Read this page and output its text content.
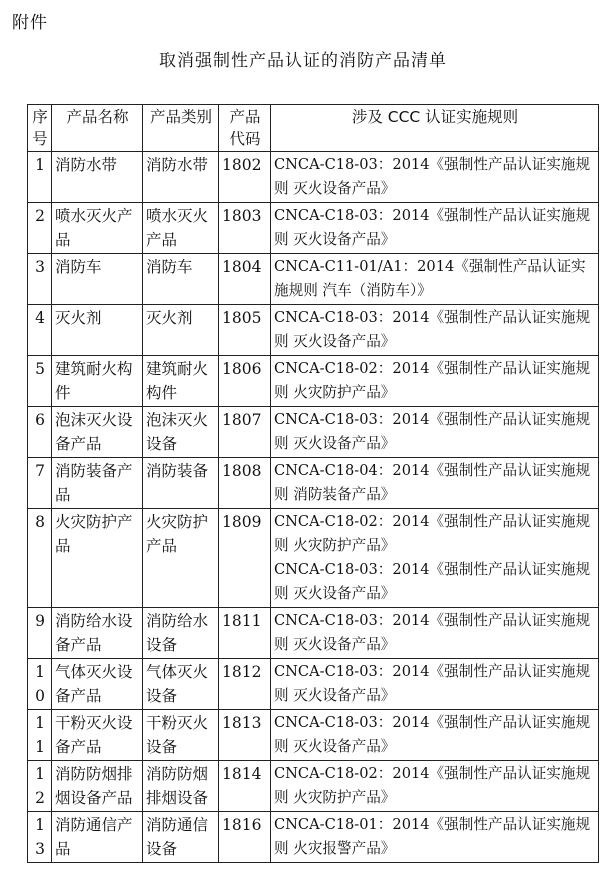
附件
取消强制性产品认证的消防产品清单
序号	产品名称	产品类别	产品代码	涉及 CCC 认证实施规则
1	消防水带	消防水带	1802	CNCA-C18-03：2014《强制性产品认证实施规则 灭火设备产品》

2	喷水灭火产品	喷水灭火产品	1803	CNCA-C18-03：2014《强制性产品认证实施规则 灭火设备产品》

3	消防车	消防车	1804	CNCA-C11-01/A1：2014《强制性产品认证实施规则 汽车（消防车）》

4	灭火剂	灭火剂	1805	CNCA-C18-03：2014《强制性产品认证实施规则 灭火设备产品》

5	建筑耐火构件	建筑耐火构件	1806	CNCA-C18-02：2014《强制性产品认证实施规则 火灾防护产品》

6	泡沫灭火设备产品	泡沫灭火设备	1807	CNCA-C18-03：2014《强制性产品认证实施规则 灭火设备产品》

7	消防装备产品	消防装备	1808	CNCA-C18-04：2014《强制性产品认证实施规则 消防装备产品》

8	火灾防护产品	火灾防护产品	1809	CNCA-C18-02：2014《强制性产品认证实施规则 火灾防护产品》
CNCA-C18-03：2014《强制性产品认证实施规则 灭火设备产品》

9	消防给水设备产品	消防给水设备	1811	CNCA-C18-03：2014《强制性产品认证实施规则 灭火设备产品》

10	气体灭火设备产品	气体灭火设备	1812	CNCA-C18-03：2014《强制性产品认证实施规则 灭火设备产品》

11	干粉灭火设备产品	干粉灭火设备	1813	CNCA-C18-03：2014《强制性产品认证实施规则 灭火设备产品》

12	消防防烟排烟设备产品	消防防烟排烟设备	1814	CNCA-C18-02：2014《强制性产品认证实施规则 火灾防护产品》

13	消防通信产品	消防通信设备	1816	CNCA-C18-01：2014《强制性产品认证实施规则 火灾报警产品》
